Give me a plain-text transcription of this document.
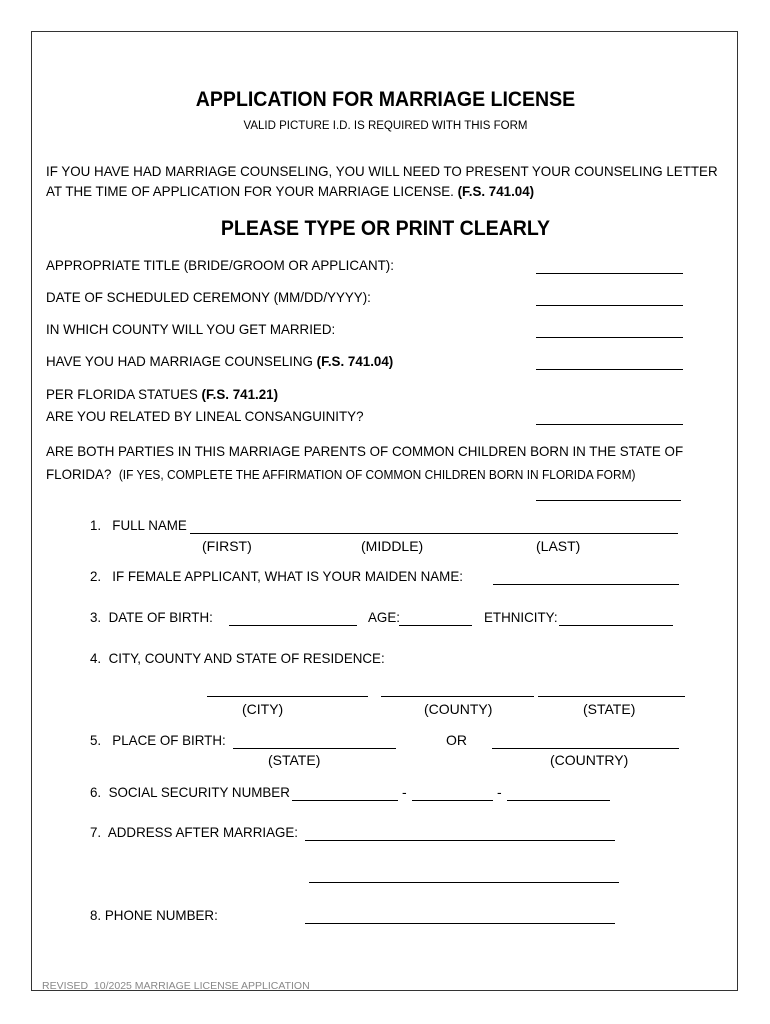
APPLICATION FOR MARRIAGE LICENSE
VALID PICTURE I.D. IS REQUIRED WITH THIS FORM
IF YOU HAVE HAD MARRIAGE COUNSELING, YOU WILL NEED TO PRESENT YOUR COUNSELING LETTER
AT THE TIME OF APPLICATION FOR YOUR MARRIAGE LICENSE. (F.S. 741.04)
PLEASE TYPE OR PRINT CLEARLY
APPROPRIATE TITLE (BRIDE/GROOM OR APPLICANT):
DATE OF SCHEDULED CEREMONY (MM/DD/YYYY):
IN WHICH COUNTY WILL YOU GET MARRIED:
HAVE YOU HAD MARRIAGE COUNSELING (F.S. 741.04)
PER FLORIDA STATUES (F.S. 741.21)
ARE YOU RELATED BY LINEAL CONSANGUINITY?
ARE BOTH PARTIES IN THIS MARRIAGE PARENTS OF COMMON CHILDREN BORN IN THE STATE OF
FLORIDA? (IF YES, COMPLETE THE AFFIRMATION OF COMMON CHILDREN BORN IN FLORIDA FORM)
1.   FULL NAME
(FIRST)	(MIDDLE)	(LAST)
2.   IF FEMALE APPLICANT, WHAT IS YOUR MAIDEN NAME:
3.  DATE OF BIRTH:	AGE:	ETHNICITY:
4.  CITY, COUNTY AND STATE OF RESIDENCE:
(CITY)	(COUNTY)	(STATE)
5.   PLACE OF BIRTH:	OR
(STATE)	(COUNTRY)
6.  SOCIAL SECURITY NUMBER	-	-
7.  ADDRESS AFTER MARRIAGE:
8. PHONE NUMBER:
REVISED  10/2025 MARRIAGE LICENSE APPLICATION
